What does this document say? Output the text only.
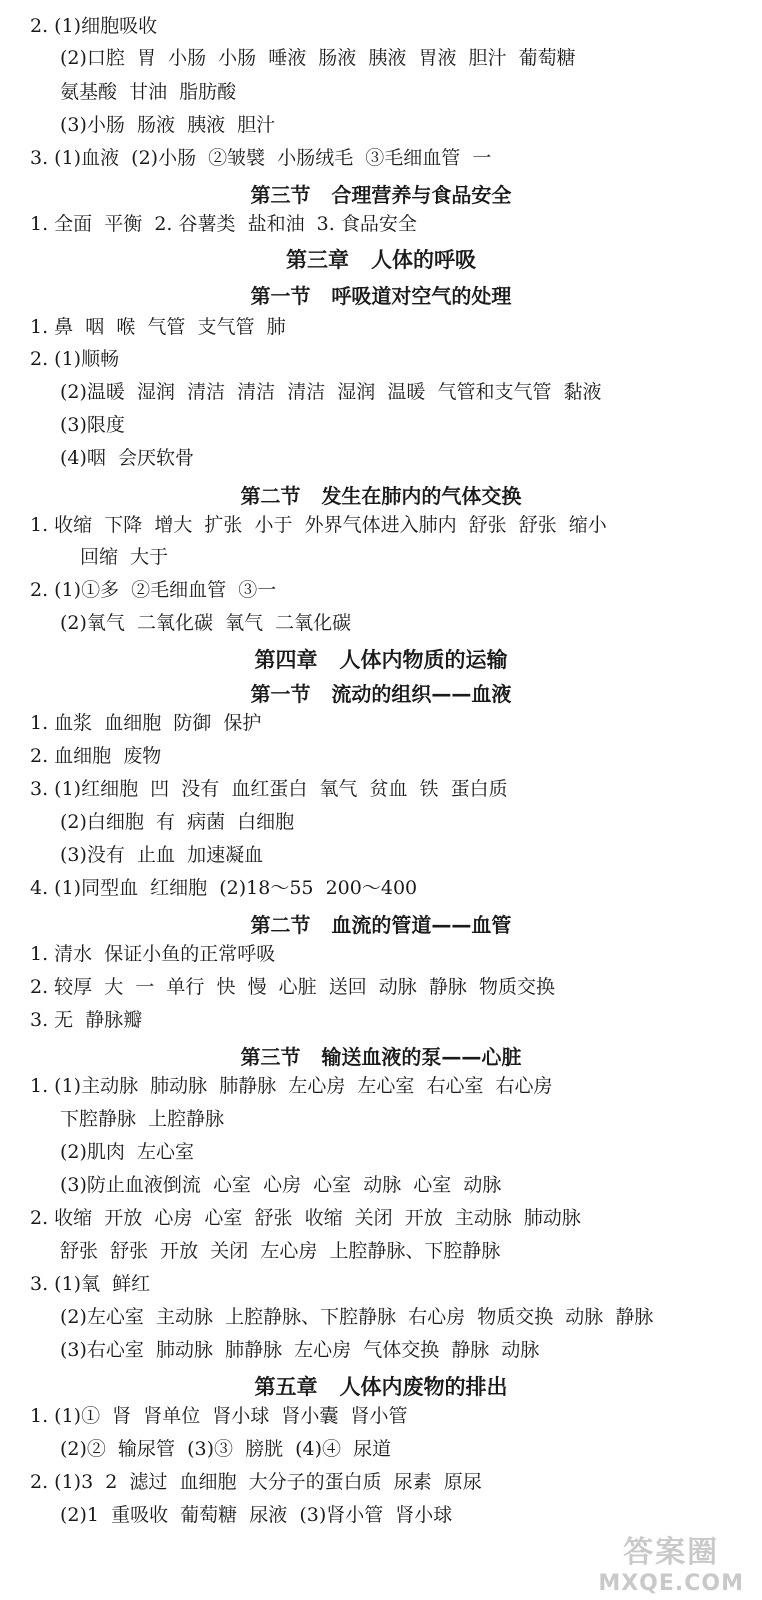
答案圈
MXQE.COM
2. (1)细胞吸收
(2)口腔  胃  小肠  小肠  唾液  肠液  胰液  胃液  胆汁  葡萄糖
氨基酸  甘油  脂肪酸
(3)小肠  肠液  胰液  胆汁
3. (1)血液  (2)小肠  ②皱襞  小肠绒毛  ③毛细血管  一
第三节   合理营养与食品安全
1. 全面  平衡  2. 谷薯类  盐和油  3. 食品安全
第三章   人体的呼吸
第一节   呼吸道对空气的处理
1. 鼻  咽  喉  气管  支气管  肺
2. (1)顺畅
(2)温暖  湿润  清洁  清洁  清洁  湿润  温暖  气管和支气管  黏液
(3)限度
(4)咽  会厌软骨
第二节   发生在肺内的气体交换
1. 收缩  下降  增大  扩张  小于  外界气体进入肺内  舒张  舒张  缩小
回缩  大于
2. (1)①多  ②毛细血管  ③一
(2)氧气  二氧化碳  氧气  二氧化碳
第四章   人体内物质的运输
第一节   流动的组织——血液
1. 血浆  血细胞  防御  保护
2. 血细胞  废物
3. (1)红细胞  凹  没有  血红蛋白  氧气  贫血  铁  蛋白质
(2)白细胞  有  病菌  白细胞
(3)没有  止血  加速凝血
4. (1)同型血  红细胞  (2)18～55  200～400
第二节   血流的管道——血管
1. 清水  保证小鱼的正常呼吸
2. 较厚  大  一  单行  快  慢  心脏  送回  动脉  静脉  物质交换
3. 无  静脉瓣
第三节   输送血液的泵——心脏
1. (1)主动脉  肺动脉  肺静脉  左心房  左心室  右心室  右心房
下腔静脉  上腔静脉
(2)肌肉  左心室
(3)防止血液倒流  心室  心房  心室  动脉  心室  动脉
2. 收缩  开放  心房  心室  舒张  收缩  关闭  开放  主动脉  肺动脉
舒张  舒张  开放  关闭  左心房  上腔静脉、下腔静脉
3. (1)氧  鲜红
(2)左心室  主动脉  上腔静脉、下腔静脉  右心房  物质交换  动脉  静脉
(3)右心室  肺动脉  肺静脉  左心房  气体交换  静脉  动脉
第五章   人体内废物的排出
1. (1)①  肾  肾单位  肾小球  肾小囊  肾小管
(2)②  输尿管  (3)③  膀胱  (4)④  尿道
2. (1)3  2  滤过  血细胞  大分子的蛋白质  尿素  原尿
(2)1  重吸收  葡萄糖  尿液  (3)肾小管  肾小球
